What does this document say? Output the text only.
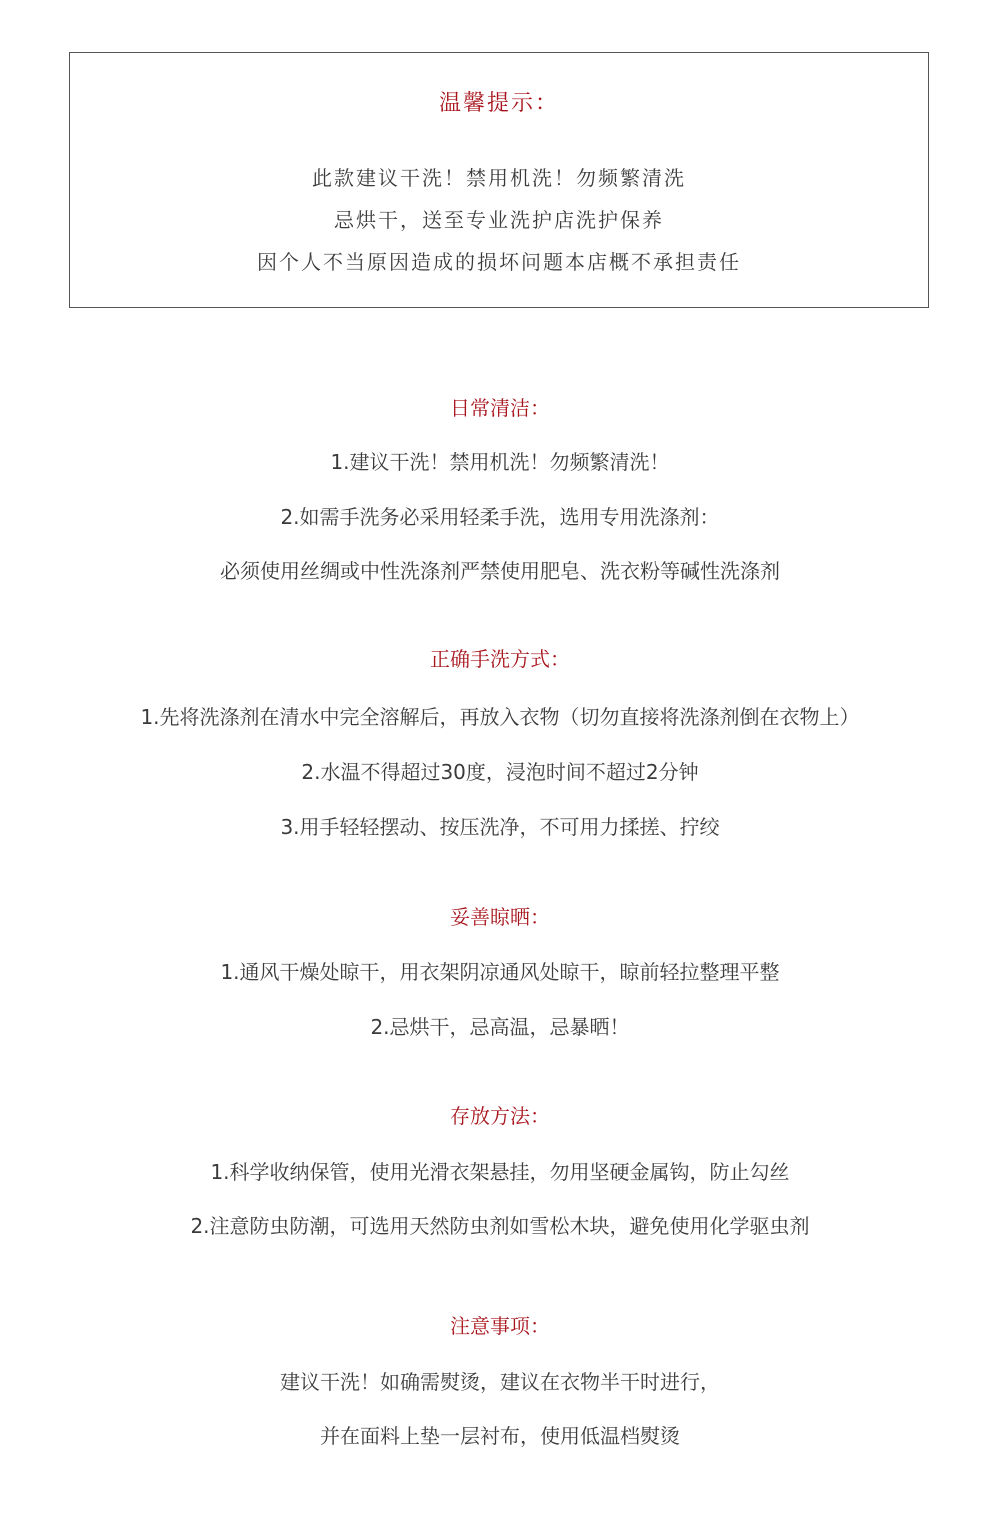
温馨提示：
此款建议干洗！禁用机洗！勿频繁清洗
忌烘干，送至专业洗护店洗护保养
因个人不当原因造成的损坏问题本店概不承担责任
日常清洁：
1.建议干洗！禁用机洗！勿频繁清洗！
2.如需手洗务必采用轻柔手洗，选用专用洗涤剂：
必须使用丝绸或中性洗涤剂严禁使用肥皂、洗衣粉等碱性洗涤剂
正确手洗方式：
1.先将洗涤剂在清水中完全溶解后，再放入衣物（切勿直接将洗涤剂倒在衣物上）
2.水温不得超过30度，浸泡时间不超过2分钟
3.用手轻轻摆动、按压洗净，不可用力揉搓、拧绞
妥善晾晒：
1.通风干燥处晾干，用衣架阴凉通风处晾干，晾前轻拉整理平整
2.忌烘干，忌高温，忌暴晒！
存放方法：
1.科学收纳保管，使用光滑衣架悬挂，勿用坚硬金属钩，防止勾丝
2.注意防虫防潮，可选用天然防虫剂如雪松木块，避免使用化学驱虫剂
注意事项：
建议干洗！如确需熨烫，建议在衣物半干时进行，
并在面料上垫一层衬布，使用低温档熨烫
